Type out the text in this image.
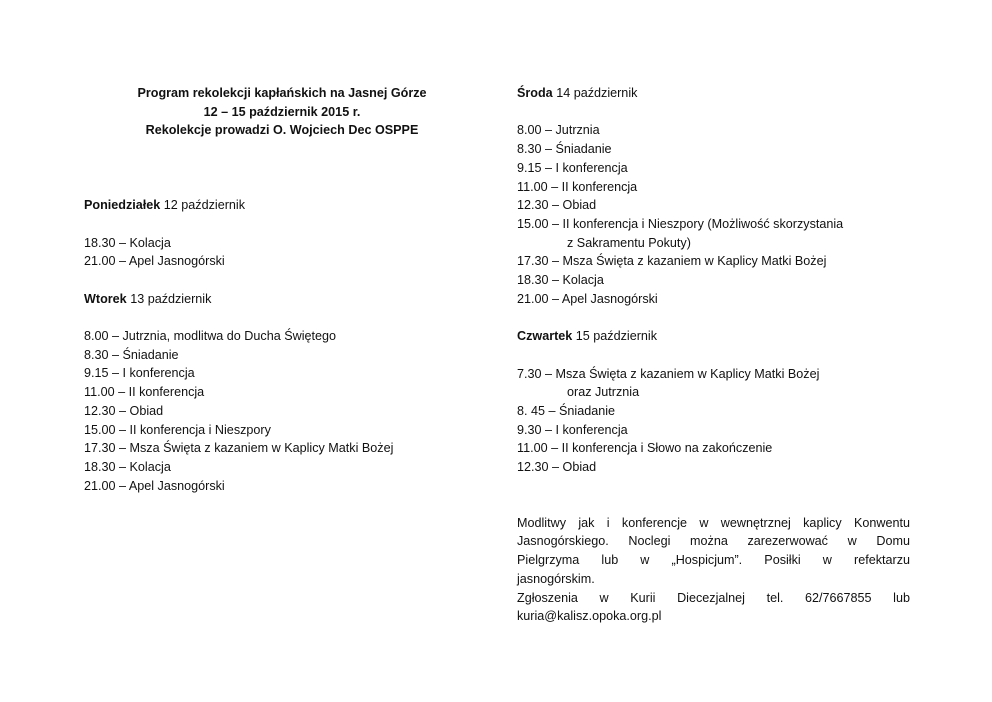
Program rekolekcji kapłańskich na Jasnej Górze
12 – 15 październik 2015 r.
Rekolekcje prowadzi O. Wojciech Dec OSPPE
Poniedziałek 12 październik
18.30 – Kolacja
21.00 – Apel Jasnogórski
Wtorek 13 październik
8.00 – Jutrznia, modlitwa do Ducha Świętego
8.30 – Śniadanie
9.15 – I konferencja
11.00 – II konferencja
12.30 – Obiad
15.00 – II konferencja i Nieszpory
17.30 – Msza Święta z kazaniem w Kaplicy Matki Bożej
18.30 – Kolacja
21.00 – Apel Jasnogórski
Środa 14 październik
8.00 – Jutrznia
8.30 – Śniadanie
9.15 – I konferencja
11.00 – II konferencja
12.30 – Obiad
15.00 – II konferencja i Nieszpory (Możliwość skorzystania
z Sakramentu Pokuty)
17.30 – Msza Święta z kazaniem w Kaplicy Matki Bożej
18.30 – Kolacja
21.00 – Apel Jasnogórski
Czwartek 15 październik
7.30 – Msza Święta z kazaniem w Kaplicy Matki Bożej
oraz Jutrznia
8. 45 – Śniadanie
9.30 – I konferencja
11.00 – II konferencja i Słowo na zakończenie
12.30 – Obiad
Modlitwy jak i konferencje w wewnętrznej kaplicy Konwentu
Jasnogórskiego. Noclegi można zarezerwować w Domu
Pielgrzyma lub w „Hospicjum”. Posiłki w refektarzu
jasnogórskim.
Zgłoszenia w Kurii Diecezjalnej tel. 62/7667855 lub
kuria@kalisz.opoka.org.pl
